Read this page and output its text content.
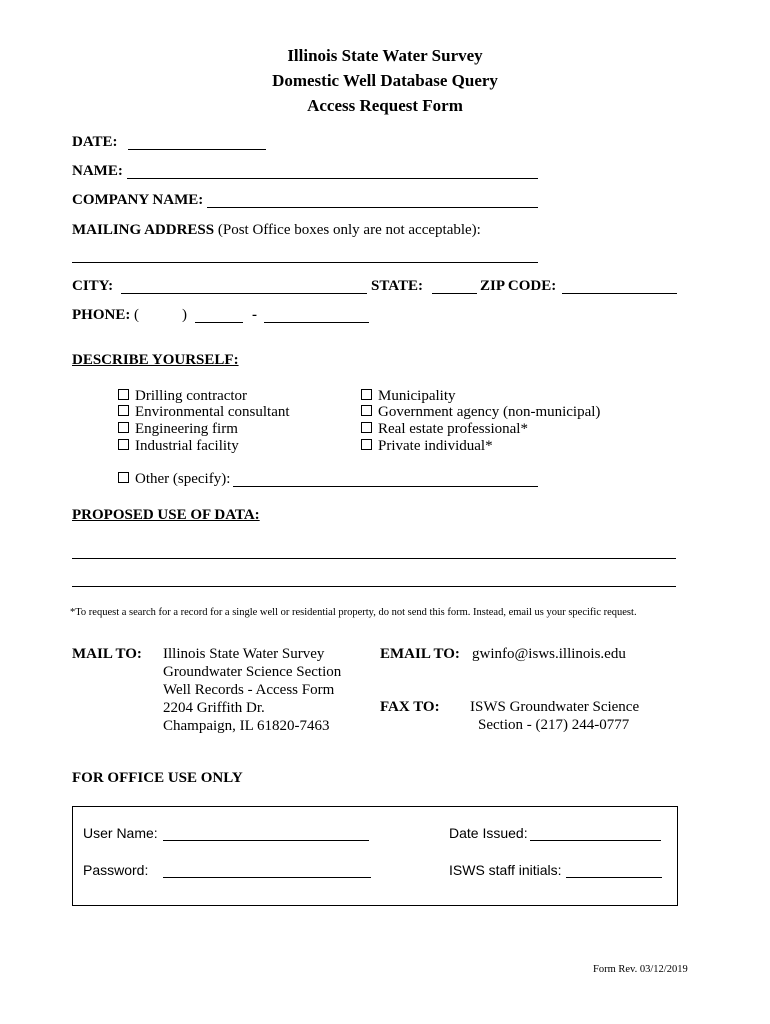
Illinois State Water Survey
Domestic Well Database Query
Access Request Form
DATE:
NAME:
COMPANY NAME:
MAILING ADDRESS (Post Office boxes only are not acceptable):
CITY:	STATE:	ZIP CODE:
PHONE: (	)	-
DESCRIBE YOURSELF:
Drilling contractor
Environmental consultant
Engineering firm
Industrial facility
Municipality
Government agency (non-municipal)
Real estate professional*
Private individual*
Other (specify):
PROPOSED USE OF DATA:
*To request a search for a record for a single well or residential property, do not send this form. Instead, email us your specific request.
MAIL TO: Illinois State Water Survey
Groundwater Science Section
Well Records - Access Form
2204 Griffith Dr.
Champaign, IL 61820-7463
EMAIL TO: gwinfo@isws.illinois.edu
FAX TO: ISWS Groundwater Science
Section - (217) 244-0777
FOR OFFICE USE ONLY
User Name:	Date Issued:
Password:	ISWS staff initials:
Form Rev. 03/12/2019
